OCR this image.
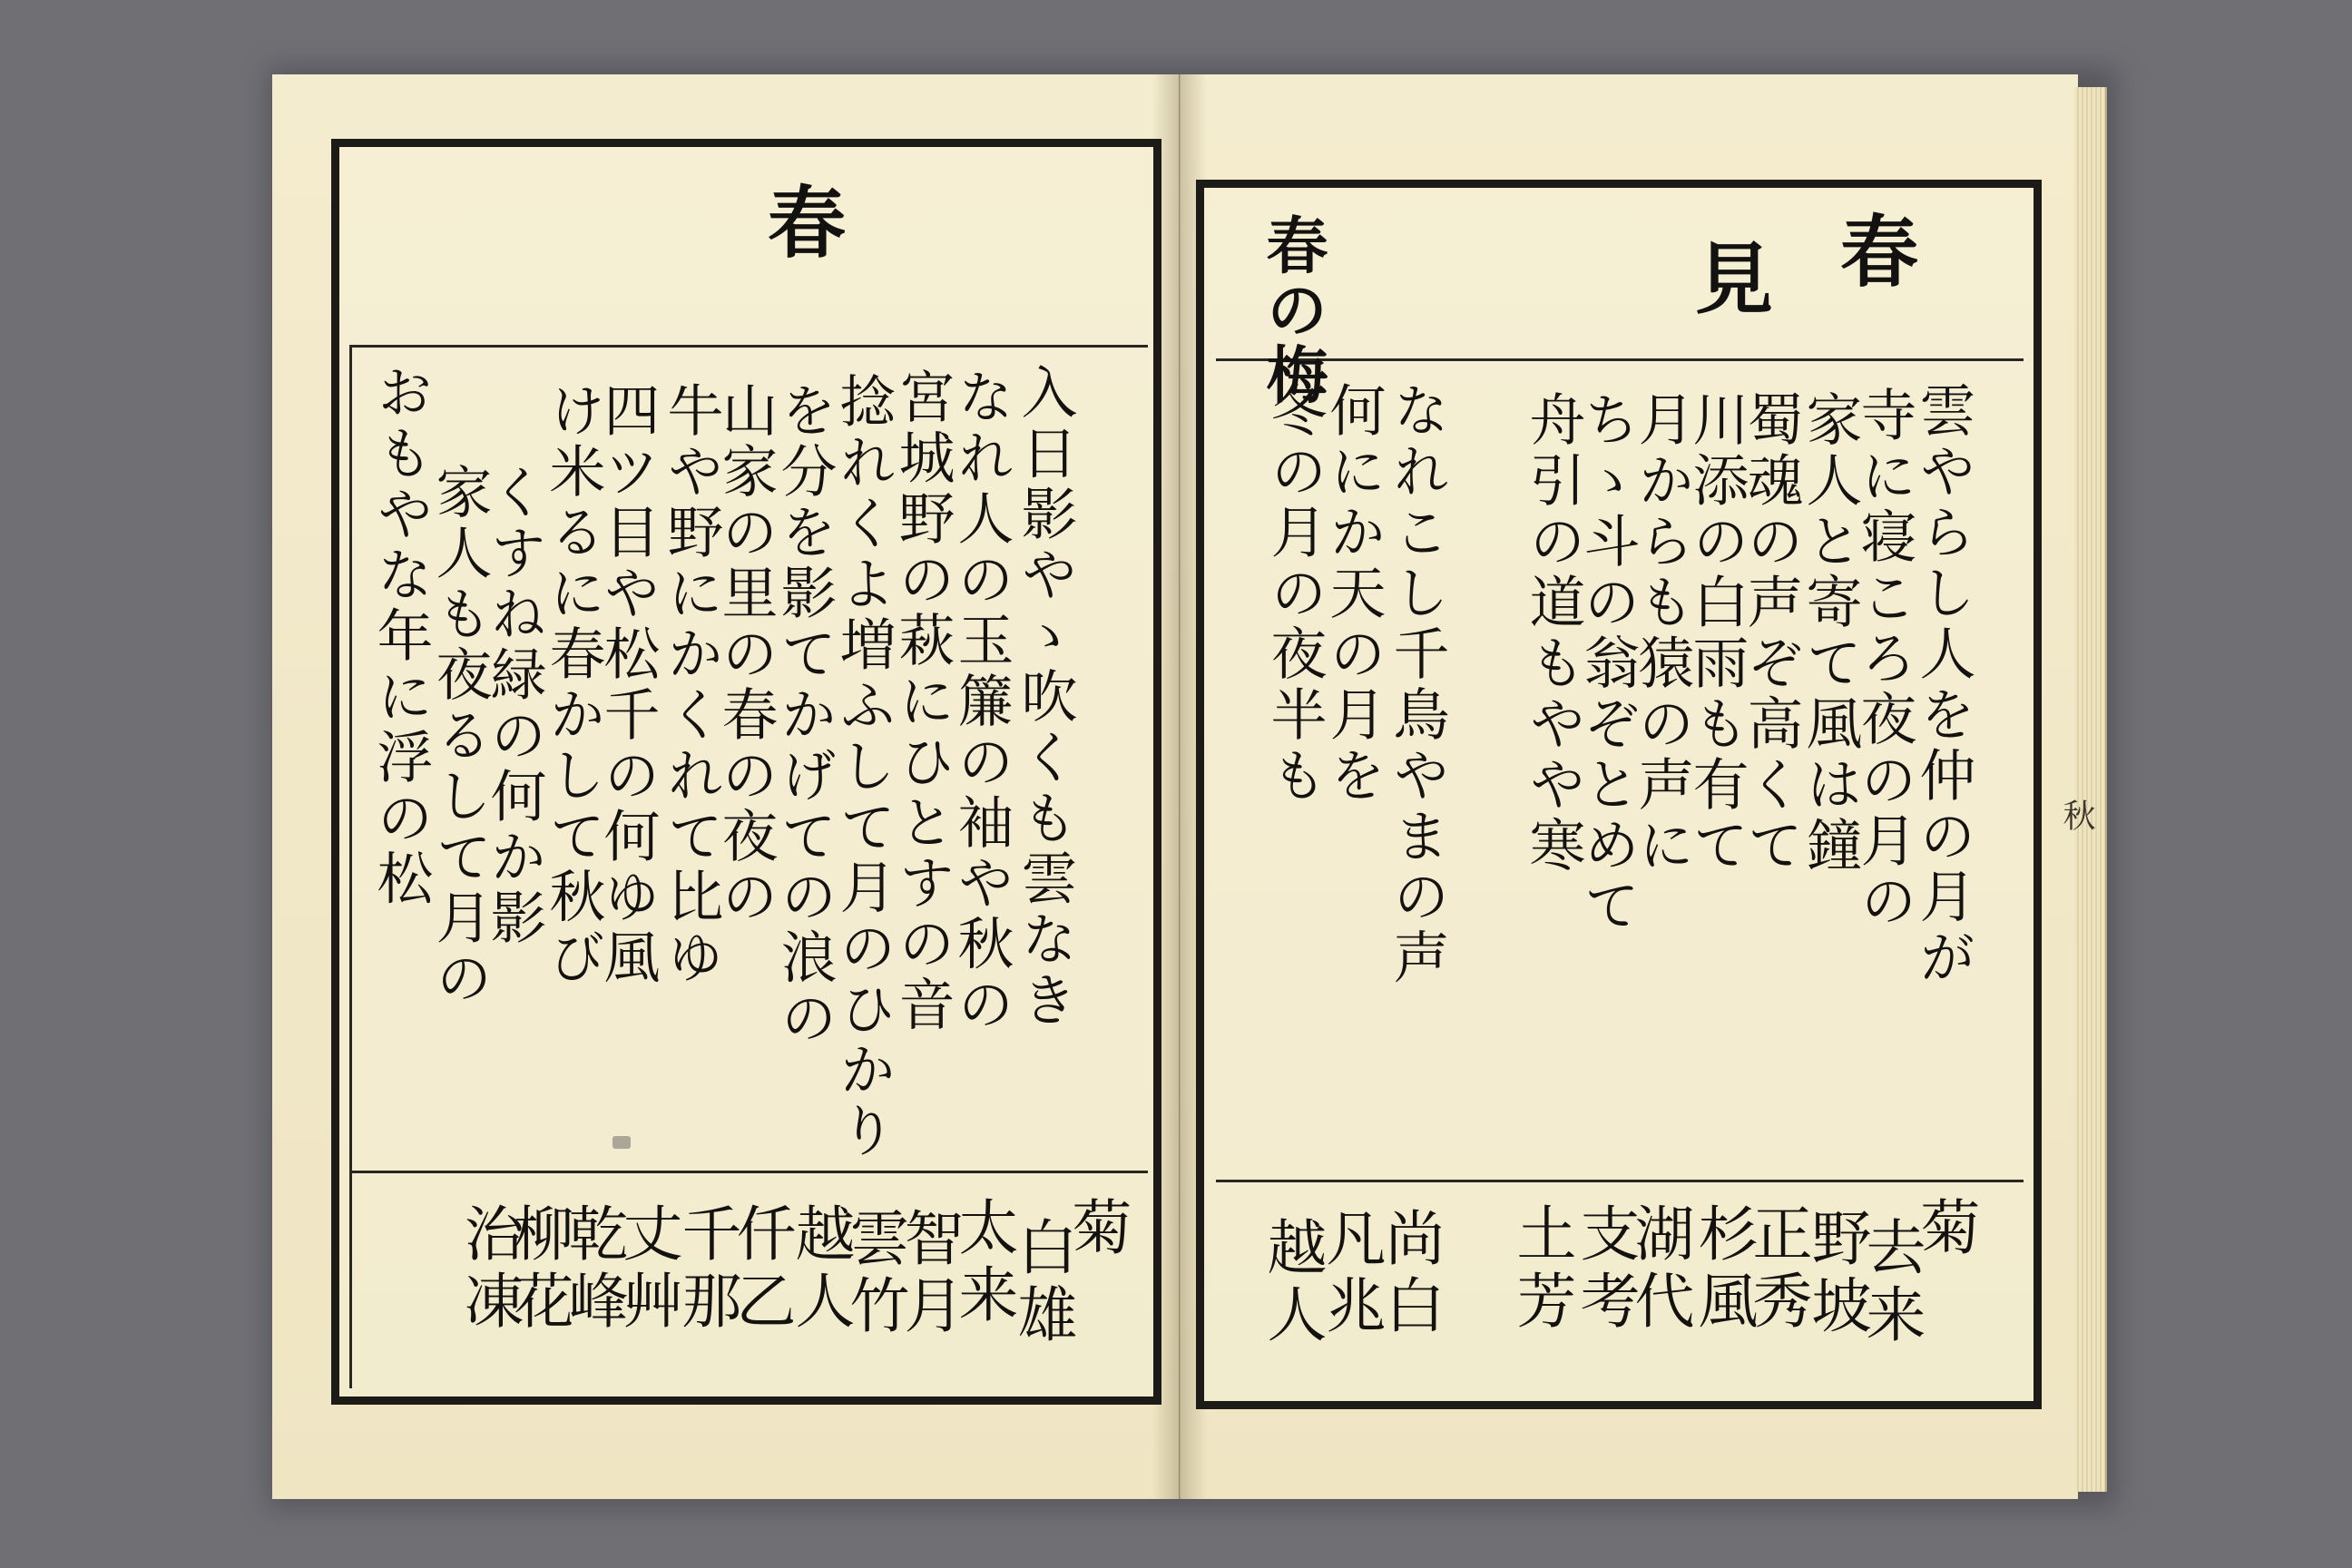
春
入日影やゝ吹くも雲なき
なれ人の玉簾の袖や秋の
宮城野の萩にひとすの音
捻れくよ増ふして月のひかり
を分を影てかげての浪の
山家の里の春の夜の
牛や野にかくれて比ゆ
四ツ目や松千の何ゆ風
け米るに春かして秋び
くすね緑の何か影
家人も夜るして月の
おもやな年に浮の松
菊
白雄
太来
智月
雲竹
越人
仟乙
千那
丈艸
乾峰
柳花
治凍
春
見
春の梅
雲やらし人を仲の月が
寺に寝ころ夜の月の
家人と寄て風は鐘
蜀魂の声ぞ高くて
川添の白雨も有て
月からも猿の声に
ちゝ斗の翁ぞとめて
舟引の道もやや寒
なれこし千鳥やまの声
何にか天の月を
冬の月の夜半も
菊
去来
野坡
正秀
杉風
湖代
支考
土芳
尚白
凡兆
越人
秋
